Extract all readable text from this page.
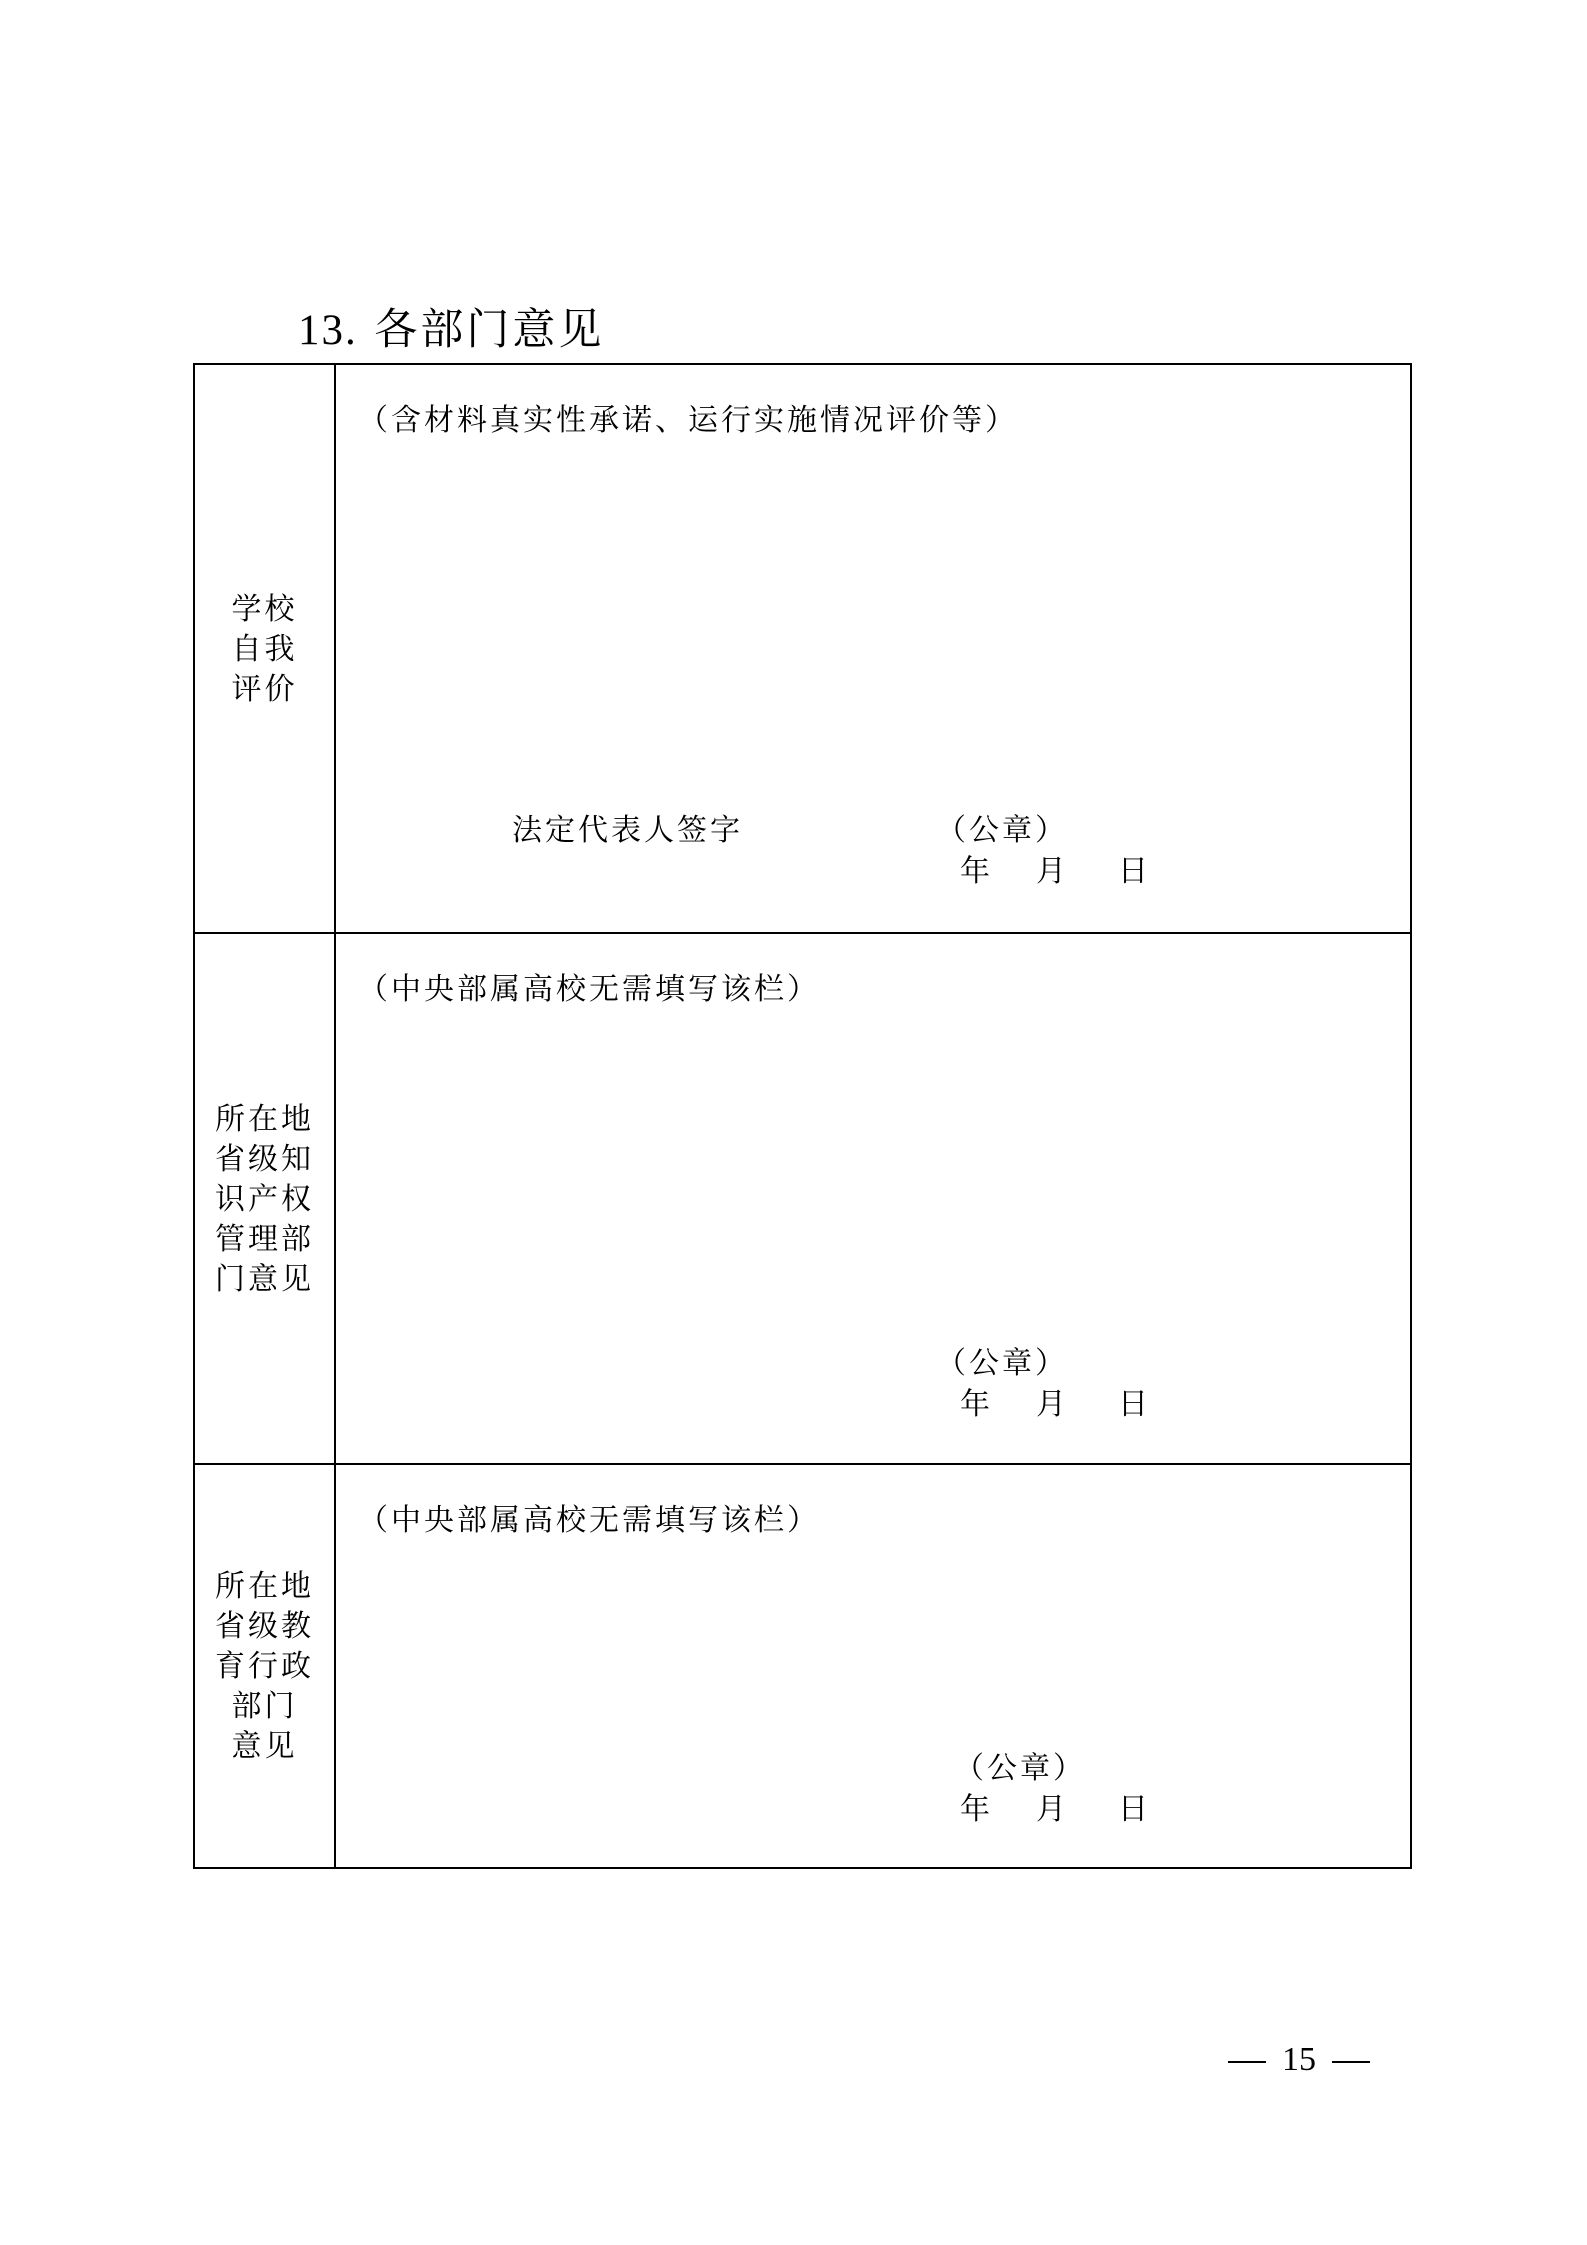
13. 各部门意见
学校
自我
评价
（含材料真实性承诺、运行实施情况评价等）
法定代表人签字	（公章）
年 月 日
所在地
省级知
识产权
管理部
门意见
（中央部属高校无需填写该栏）
（公章）
年 月 日
所在地
省级教
育行政
部门
意见
（中央部属高校无需填写该栏）
（公章）
年 月 日
15
